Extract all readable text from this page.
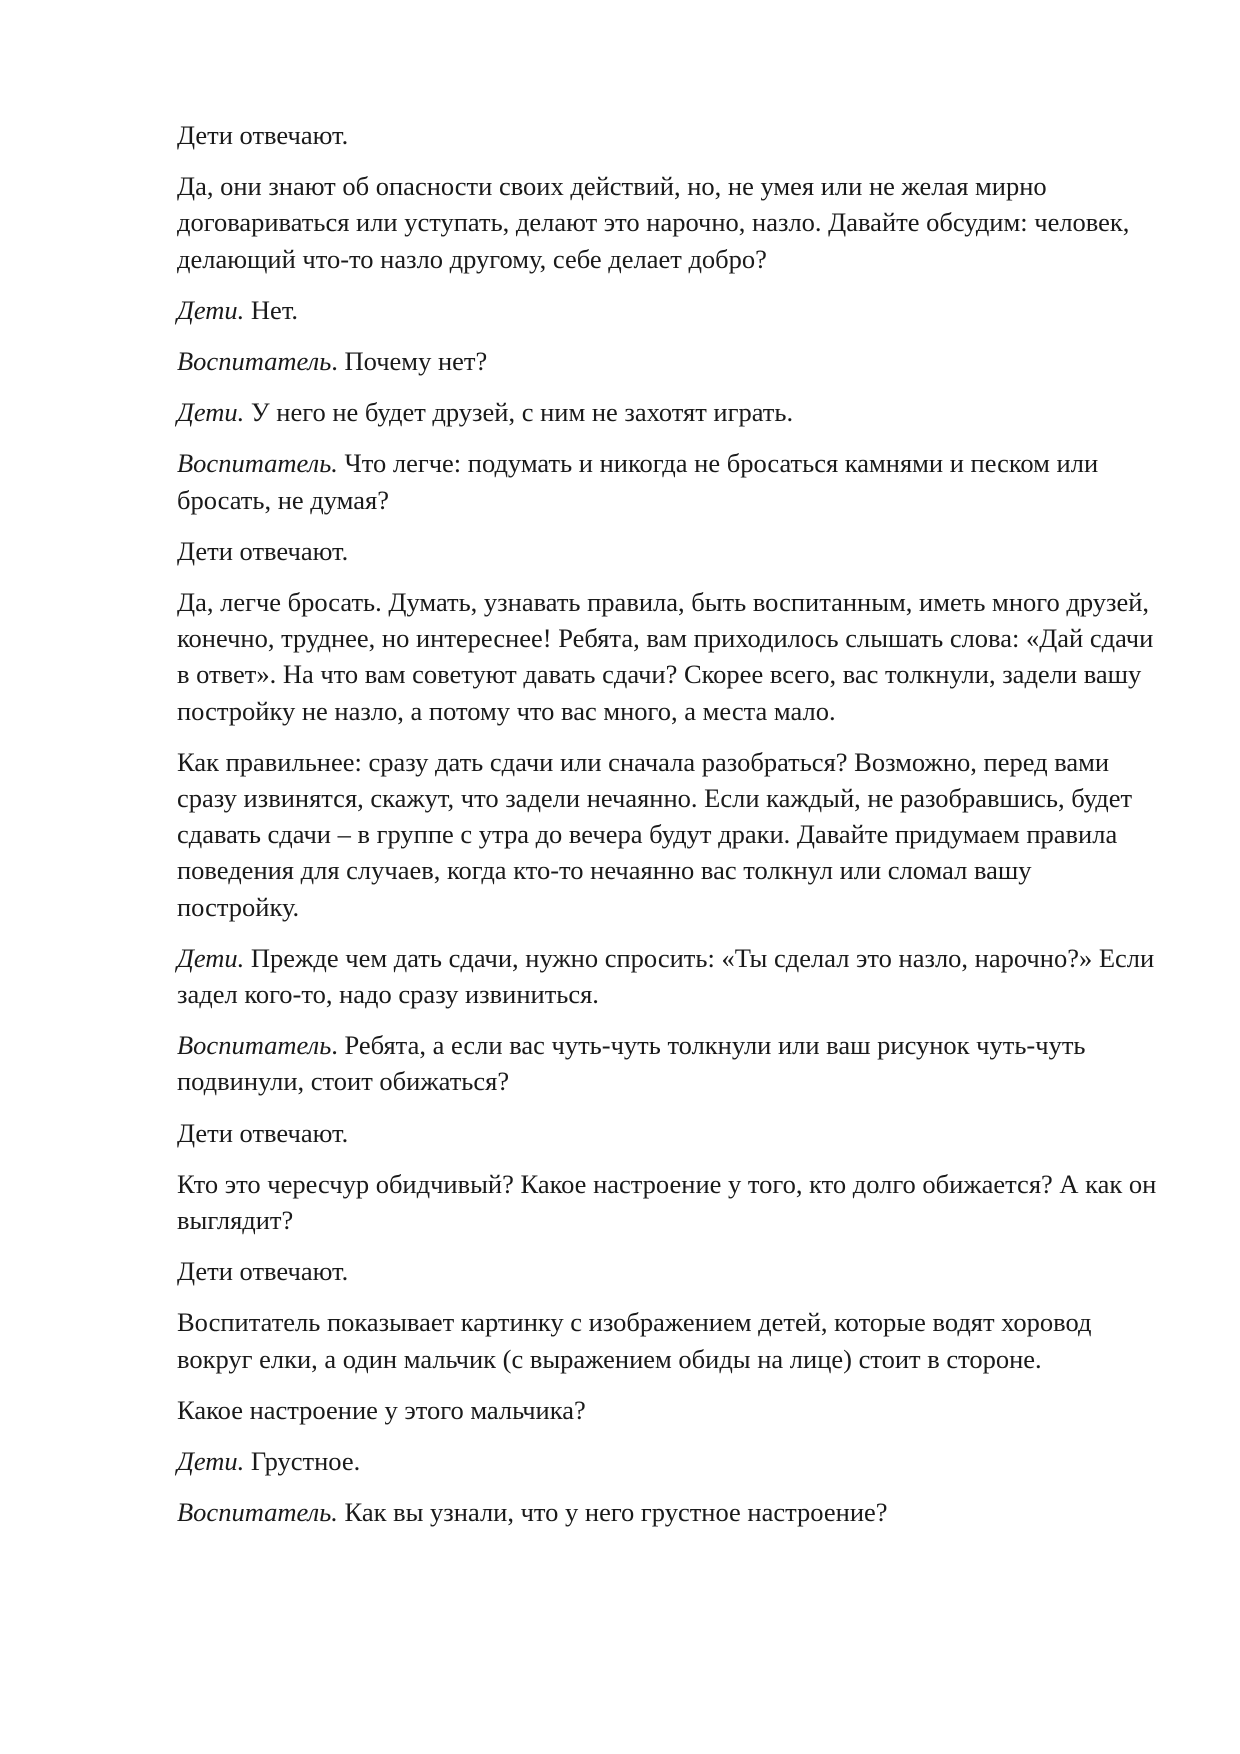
Дети отвечают.

Да, они знают об опасности своих действий, но, не умея или не желая мирно договариваться или уступать, делают это нарочно, назло. Давайте обсудим: человек, делающий что-то назло другому, себе делает добро?

Дети. Нет.

Воспитатель. Почему нет?

Дети. У него не будет друзей, с ним не захотят играть.

Воспитатель. Что легче: подумать и никогда не бросаться камнями и песком или бросать, не думая?

Дети отвечают.

Да, легче бросать. Думать, узнавать правила, быть воспитанным, иметь много друзей, конечно, труднее, но интереснее! Ребята, вам приходилось слышать слова: «Дай сдачи в ответ». На что вам советуют давать сдачи? Скорее всего, вас толкнули, задели вашу постройку не назло, а потому что вас много, а места мало.

Как правильнее: сразу дать сдачи или сначала разобраться? Возможно, перед вами сразу извинятся, скажут, что задели нечаянно. Если каждый, не разобравшись, будет сдавать сдачи – в группе с утра до вечера будут драки. Давайте придумаем правила поведения для случаев, когда кто-то нечаянно вас толкнул или сломал вашу постройку.

Дети. Прежде чем дать сдачи, нужно спросить: «Ты сделал это назло, нарочно?» Если задел кого-то, надо сразу извиниться.

Воспитатель. Ребята, а если вас чуть-чуть толкнули или ваш рисунок чуть-чуть подвинули, стоит обижаться?

Дети отвечают.

Кто это чересчур обидчивый? Какое настроение у того, кто долго обижается? А как он выглядит?

Дети отвечают.

Воспитатель показывает картинку с изображением детей, которые водят хоровод вокруг елки, а один мальчик (с выражением обиды на лице) стоит в стороне.

Какое настроение у этого мальчика?

Дети. Грустное.

Воспитатель. Как вы узнали, что у него грустное настроение?
